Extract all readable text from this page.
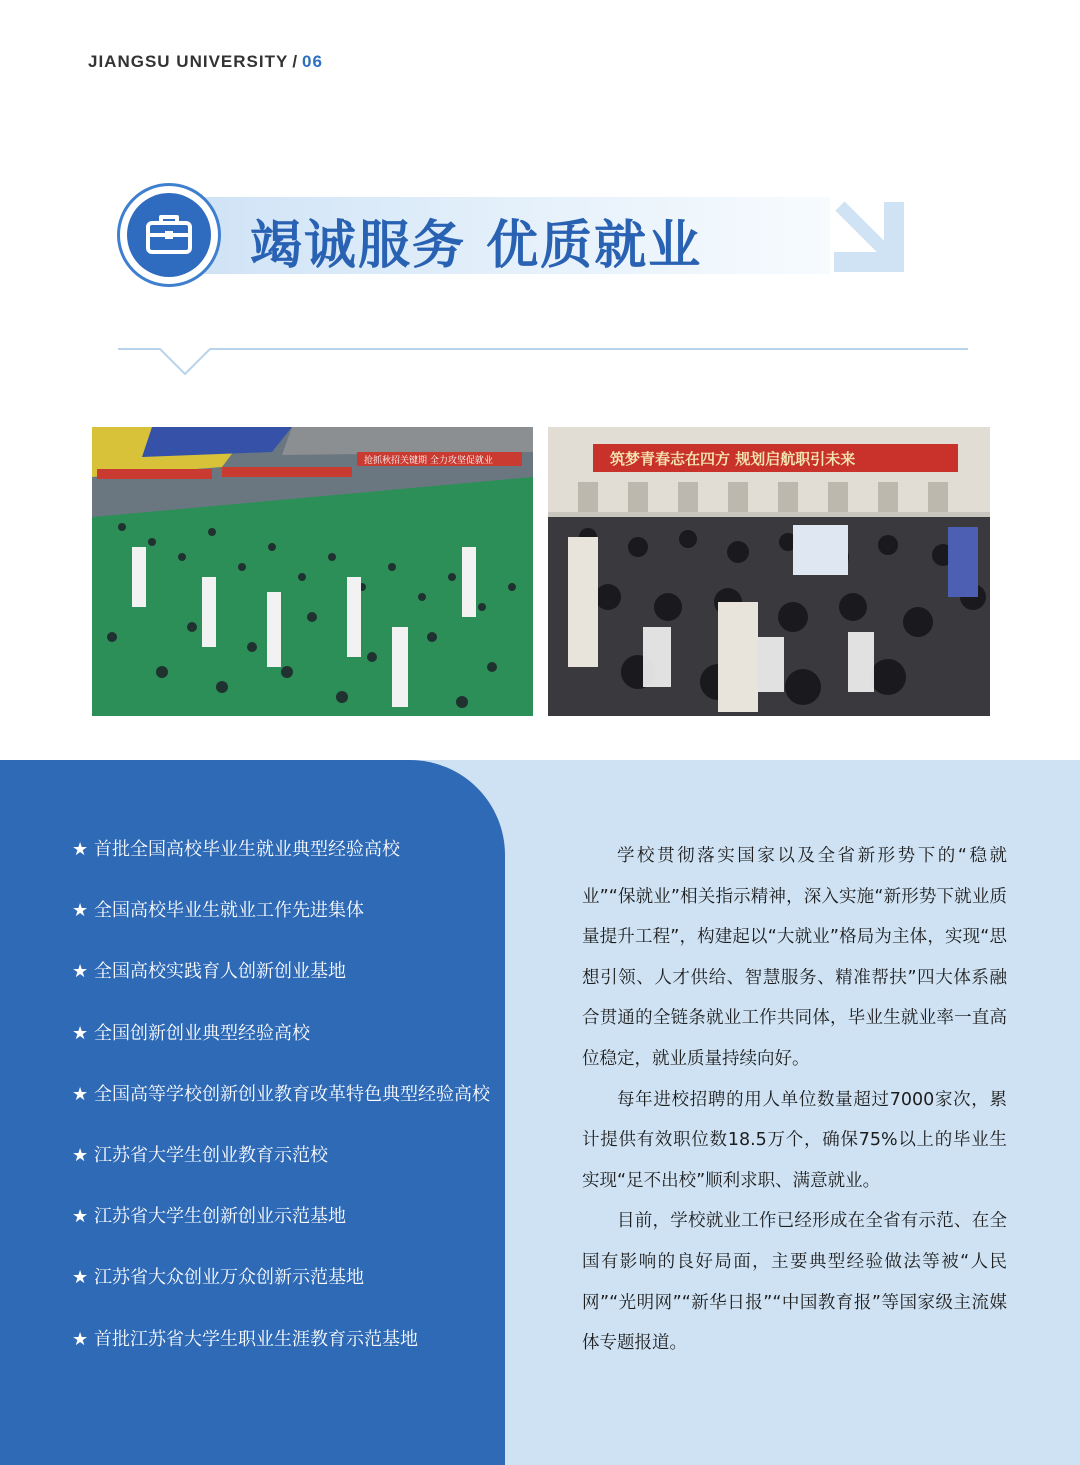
JIANGSU UNIVERSITY / 06
竭诚服务 优质就业
抢抓秋招关键期 全力攻坚促就业	筑梦青春志在四方 规划启航职引未来
★ 首批全国高校毕业生就业典型经验高校
★ 全国高校毕业生就业工作先进集体
★ 全国高校实践育人创新创业基地
★ 全国创新创业典型经验高校
★ 全国高等学校创新创业教育改革特色典型经验高校
★ 江苏省大学生创业教育示范校
★ 江苏省大学生创新创业示范基地
★ 江苏省大众创业万众创新示范基地
★ 首批江苏省大学生职业生涯教育示范基地

学校贯彻落实国家以及全省新形势下的“稳就业”“保就业”相关指示精神，深入实施“新形势下就业质量提升工程”，构建起以“大就业”格局为主体，实现“思想引领、人才供给、智慧服务、精准帮扶”四大体系融合贯通的全链条就业工作共同体，毕业生就业率一直高位稳定，就业质量持续向好。

每年进校招聘的用人单位数量超过7000家次，累计提供有效职位数18.5万个，确保75%以上的毕业生实现“足不出校”顺利求职、满意就业。

目前，学校就业工作已经形成在全省有示范、在全国有影响的良好局面，主要典型经验做法等被“人民网”“光明网”“新华日报”“中国教育报”等国家级主流媒体专题报道。
